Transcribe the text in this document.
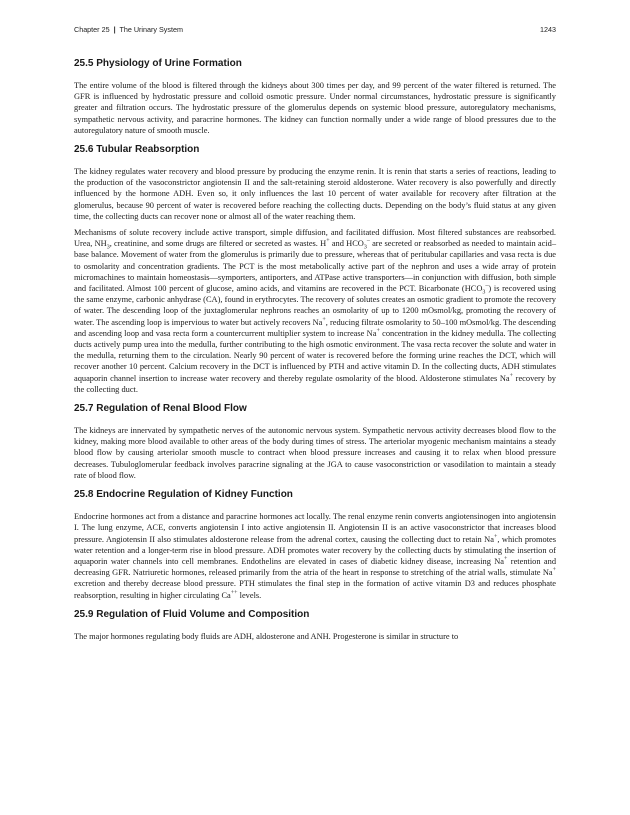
Chapter 25 | The Urinary System	1243
25.5 Physiology of Urine Formation

The entire volume of the blood is filtered through the kidneys about 300 times per day, and 99 percent of the water filtered is returned. The GFR is influenced by hydrostatic pressure and colloid osmotic pressure. Under normal circumstances, hydrostatic pressure is significantly greater and filtration occurs. The hydrostatic pressure of the glomerulus depends on systemic blood pressure, autoregulatory mechanisms, sympathetic nervous activity, and paracrine hormones. The kidney can function normally under a wide range of blood pressures due to the autoregulatory nature of smooth muscle.

25.6 Tubular Reabsorption

The kidney regulates water recovery and blood pressure by producing the enzyme renin. It is renin that starts a series of reactions, leading to the production of the vasoconstrictor angiotensin II and the salt-retaining steroid aldosterone. Water recovery is also powerfully and directly influenced by the hormone ADH. Even so, it only influences the last 10 percent of water available for recovery after filtration at the glomerulus, because 90 percent of water is recovered before reaching the collecting ducts. Depending on the body’s fluid status at any given time, the collecting ducts can recover none or almost all of the water reaching them.

Mechanisms of solute recovery include active transport, simple diffusion, and facilitated diffusion. Most filtered substances are reabsorbed. Urea, $NH_3$, creatinine, and some drugs are filtered or secreted as wastes. H+ and $HCO_3^-$ are secreted or reabsorbed as needed to maintain acid–base balance. Movement of water from the glomerulus is primarily due to pressure, whereas that of peritubular capillaries and vasa recta is due to osmolarity and concentration gradients. The PCT is the most metabolically active part of the nephron and uses a wide array of protein micromachines to maintain homeostasis—symporters, antiporters, and ATPase active transporters—in conjunction with diffusion, both simple and facilitated. Almost 100 percent of glucose, amino acids, and vitamins are recovered in the PCT. Bicarbonate $(HCO_3^-)$ is recovered using the same enzyme, carbonic anhydrase (CA), found in erythrocytes. The recovery of solutes creates an osmotic gradient to promote the recovery of water. The descending loop of the juxtaglomerular nephrons reaches an osmolarity of up to 1200 mOsmol/kg, promoting the recovery of water. The ascending loop is impervious to water but actively recovers Na+, reducing filtrate osmolarity to 50–100 mOsmol/kg. The descending and ascending loop and vasa recta form a countercurrent multiplier system to increase Na+ concentration in the kidney medulla. The collecting ducts actively pump urea into the medulla, further contributing to the high osmotic environment. The vasa recta recover the solute and water in the medulla, returning them to the circulation. Nearly 90 percent of water is recovered before the forming urine reaches the DCT, which will recover another 10 percent. Calcium recovery in the DCT is influenced by PTH and active vitamin D. In the collecting ducts, ADH stimulates aquaporin channel insertion to increase water recovery and thereby regulate osmolarity of the blood. Aldosterone stimulates Na+ recovery by the collecting duct.

25.7 Regulation of Renal Blood Flow

The kidneys are innervated by sympathetic nerves of the autonomic nervous system. Sympathetic nervous activity decreases blood flow to the kidney, making more blood available to other areas of the body during times of stress. The arteriolar myogenic mechanism maintains a steady blood flow by causing arteriolar smooth muscle to contract when blood pressure increases and causing it to relax when blood pressure decreases. Tubuloglomerular feedback involves paracrine signaling at the JGA to cause vasoconstriction or vasodilation to maintain a steady rate of blood flow.

25.8 Endocrine Regulation of Kidney Function

Endocrine hormones act from a distance and paracrine hormones act locally. The renal enzyme renin converts angiotensinogen into angiotensin I. The lung enzyme, ACE, converts angiotensin I into active angiotensin II. Angiotensin II is an active vasoconstrictor that increases blood pressure. Angiotensin II also stimulates aldosterone release from the adrenal cortex, causing the collecting duct to retain Na+, which promotes water retention and a longer-term rise in blood pressure. ADH promotes water recovery by the collecting ducts by stimulating the insertion of aquaporin water channels into cell membranes. Endothelins are elevated in cases of diabetic kidney disease, increasing Na+ retention and decreasing GFR. Natriuretic hormones, released primarily from the atria of the heart in response to stretching of the atrial walls, stimulate Na+ excretion and thereby decrease blood pressure. PTH stimulates the final step in the formation of active vitamin D3 and reduces phosphate reabsorption, resulting in higher circulating Ca++ levels.

25.9 Regulation of Fluid Volume and Composition

The major hormones regulating body fluids are ADH, aldosterone and ANH. Progesterone is similar in structure to
